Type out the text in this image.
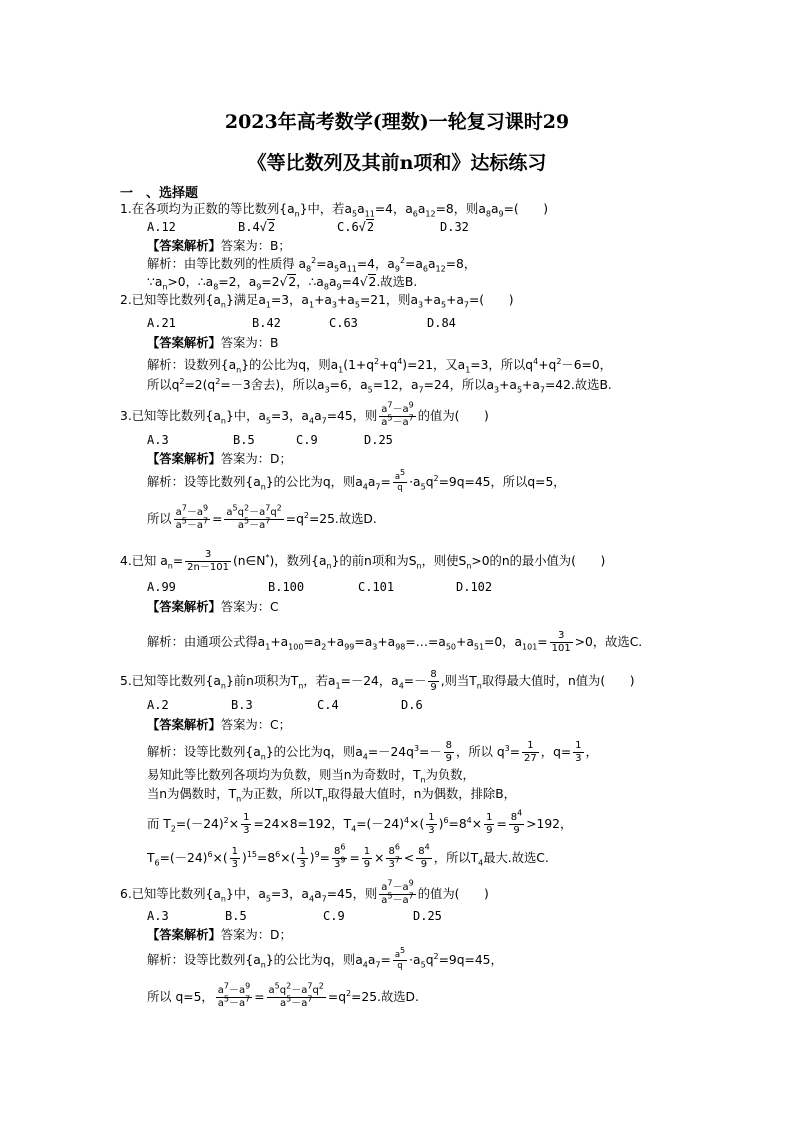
2023年高考数学(理数)一轮复习课时29
《等比数列及其前n项和》达标练习
一　、选择题
1.在各项均为正数的等比数列$\{a_n\}$中，若$a_5a_{11}=4$，$a_6a_{12}=8$，则$a_8a_9=$(　　)
A.12	B.4√2	C.6√2	D.32
【答案解析】答案为：B；
解析：由等比数列的性质得 $a_8^2=a_5a_{11}=4$，$a_9^2=a_6a_{12}=8$，
$\because a_n>0$，$\therefore a_8=2$，$a_9=2√2$，$\therefore a_8a_9=4√2$.故选B.
2.已知等比数列$\{a_n\}$满足$a_1=3$，$a_1+a_3+a_5=21$，则$a_3+a_5+a_7=$(　　)
A.21	B.42	C.63	D.84
【答案解析】答案为：B
解析：设数列$\{a_n\}$的公比为q，则$a_1(1+q^2+q^4)=21$，又$a_1=3$，所以$q^4+q^2-6=0$，
所以$q^2=2(q^2=-3$舍去)，所以$a_3=6$，$a_5=12$，$a_7=24$，所以$a_3+a_5+a_7=42$.故选B.
3.已知等比数列$\{a_n\}$中，$a_5=3$，$a_4a_7=45$，则 $\frac{a^7-a^9}{a^5-a^7}$ 的值为(　　)
A.3	B.5	C.9	D.25
【答案解析】答案为：D；
解析：设等比数列$\{a_n\}$的公比为q，则$a_4a_7= \frac{a^5}{q} \cdot a_5q^2=9q=45$，所以q=5，
所以 $\frac{a^7-a^9}{a^5-a^7} = \frac{a^5q^2-a^7q^2}{a^5-a^7} =q^2=25$.故选D.
4.已知 $a_n= \frac{3}{2n-101}$ (n∈N*)，数列$\{a_n\}$的前n项和为$S_n$，则使$S_n>0$的n的最小值为(　　)
A.99	B.100	C.101	D.102
【答案解析】答案为：C
解析：由通项公式得$a_1+a_{100}=a_2+a_{99}=a_3+a_{98}=\dots=a_{50}+a_{51}=0$，$a_{101}= \frac{3}{101} >0$，故选C.
5.已知等比数列$\{a_n\}$前n项积为$T_n$，若$a_1=-24$，$a_4=- \frac{8}{9}$ ,则当$T_n$取得最大值时，n值为(　　)
A.2	B.3	C.4	D.6
【答案解析】答案为：C；
解析：设等比数列$\{a_n\}$的公比为q，则$a_4=-24q^3=- \frac{8}{9}$ ，所以 $q^3= \frac{1}{27}$ ，$q= \frac{1}{3}$ ，
易知此等比数列各项均为负数，则当n为奇数时，$T_n$为负数，
当n为偶数时，$T_n$为正数，所以$T_n$取得最大值时，n为偶数，排除B，
而 $T_2=(-24)^2\times \frac{1}{3} =24\times 8=192$，$T_4=(-24)^4\times( \frac{1}{3} )^6=8^4\times \frac{1}{9} = \frac{8^4}{9} >192$，
$T_6=(-24)^6\times( \frac{1}{3} )^{15}=8^6\times( \frac{1}{3} )^9= \frac{8^6}{3^9} = \frac{1}{9} \times \frac{8^6}{3^7} < \frac{8^4}{9}$ ，所以$T_4$最大.故选C.
6.已知等比数列$\{a_n\}$中，$a_5=3$，$a_4a_7=45$，则 $\frac{a^7-a^9}{a^5-a^7}$ 的值为(　　)
A.3	B.5	C.9	D.25
【答案解析】答案为：D；
解析：设等比数列$\{a_n\}$的公比为q，则$a_4a_7= \frac{a^5}{q} \cdot a_5q^2=9q=45$，
所以 q=5， $\frac{a^7-a^9}{a^5-a^7} = \frac{a^5q^2-a^7q^2}{a^5-a^7} =q^2=25$.故选D.
